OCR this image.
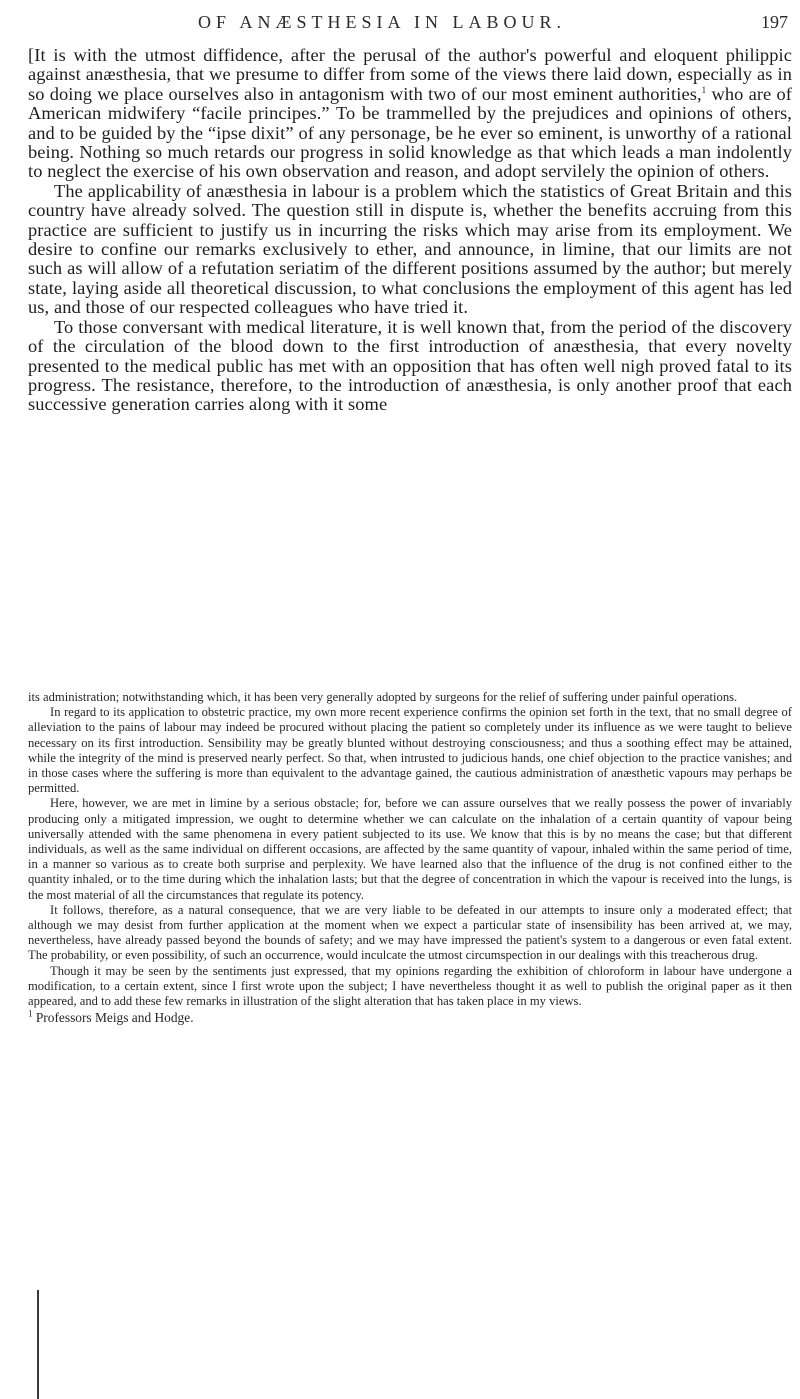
OF ANÆSTHESIA IN LABOUR.	197

[It is with the utmost diffidence, after the perusal of the author's powerful and eloquent philippic against anæsthesia, that we presume to differ from some of the views there laid down, especially as in so doing we place ourselves also in antagonism with two of our most eminent authorities,$^1$ who are of American midwifery “facile principes.” To be trammelled by the prejudices and opinions of others, and to be guided by the “ipse dixit” of any personage, be he ever so eminent, is unworthy of a rational being. Nothing so much retards our progress in solid knowledge as that which leads a man indolently to neglect the exercise of his own observation and reason, and adopt servilely the opinion of others.

The applicability of anæsthesia in labour is a problem which the statistics of Great Britain and this country have already solved. The question still in dispute is, whether the benefits accruing from this practice are sufficient to justify us in incurring the risks which may arise from its employment. We desire to confine our remarks exclusively to ether, and announce, in limine, that our limits are not such as will allow of a refutation seriatim of the different positions assumed by the author; but merely state, laying aside all theoretical discussion, to what conclusions the employment of this agent has led us, and those of our respected colleagues who have tried it.

To those conversant with medical literature, it is well known that, from the period of the discovery of the circulation of the blood down to the first introduction of anæsthesia, that every novelty presented to the medical public has met with an opposition that has often well nigh proved fatal to its progress. The resistance, therefore, to the introduction of anæsthesia, is only another proof that each successive generation carries along with it some

its administration; notwithstanding which, it has been very generally adopted by surgeons for the relief of suffering under painful operations.

In regard to its application to obstetric practice, my own more recent experience confirms the opinion set forth in the text, that no small degree of alleviation to the pains of labour may indeed be procured without placing the patient so completely under its influence as we were taught to believe necessary on its first introduction. Sensibility may be greatly blunted without destroying consciousness; and thus a soothing effect may be attained, while the integrity of the mind is preserved nearly perfect. So that, when intrusted to judicious hands, one chief objection to the practice vanishes; and in those cases where the suffering is more than equivalent to the advantage gained, the cautious administration of anæsthetic vapours may perhaps be permitted.

Here, however, we are met in limine by a serious obstacle; for, before we can assure ourselves that we really possess the power of invariably producing only a mitigated impression, we ought to determine whether we can calculate on the inhalation of a certain quantity of vapour being universally attended with the same phenomena in every patient subjected to its use. We know that this is by no means the case; but that different individuals, as well as the same individual on different occasions, are affected by the same quantity of vapour, inhaled within the same period of time, in a manner so various as to create both surprise and perplexity. We have learned also that the influence of the drug is not confined either to the quantity inhaled, or to the time during which the inhalation lasts; but that the degree of concentration in which the vapour is received into the lungs, is the most material of all the circumstances that regulate its potency.

It follows, therefore, as a natural consequence, that we are very liable to be defeated in our attempts to insure only a moderated effect; that although we may desist from further application at the moment when we expect a particular state of insensibility has been arrived at, we may, nevertheless, have already passed beyond the bounds of safety; and we may have impressed the patient's system to a dangerous or even fatal extent. The probability, or even possibility, of such an occurrence, would inculcate the utmost circumspection in our dealings with this treacherous drug.

Though it may be seen by the sentiments just expressed, that my opinions regarding the exhibition of chloroform in labour have undergone a modification, to a certain extent, since I first wrote upon the subject; I have nevertheless thought it as well to publish the original paper as it then appeared, and to add these few remarks in illustration of the slight alteration that has taken place in my views.

$^1$ Professors Meigs and Hodge.
